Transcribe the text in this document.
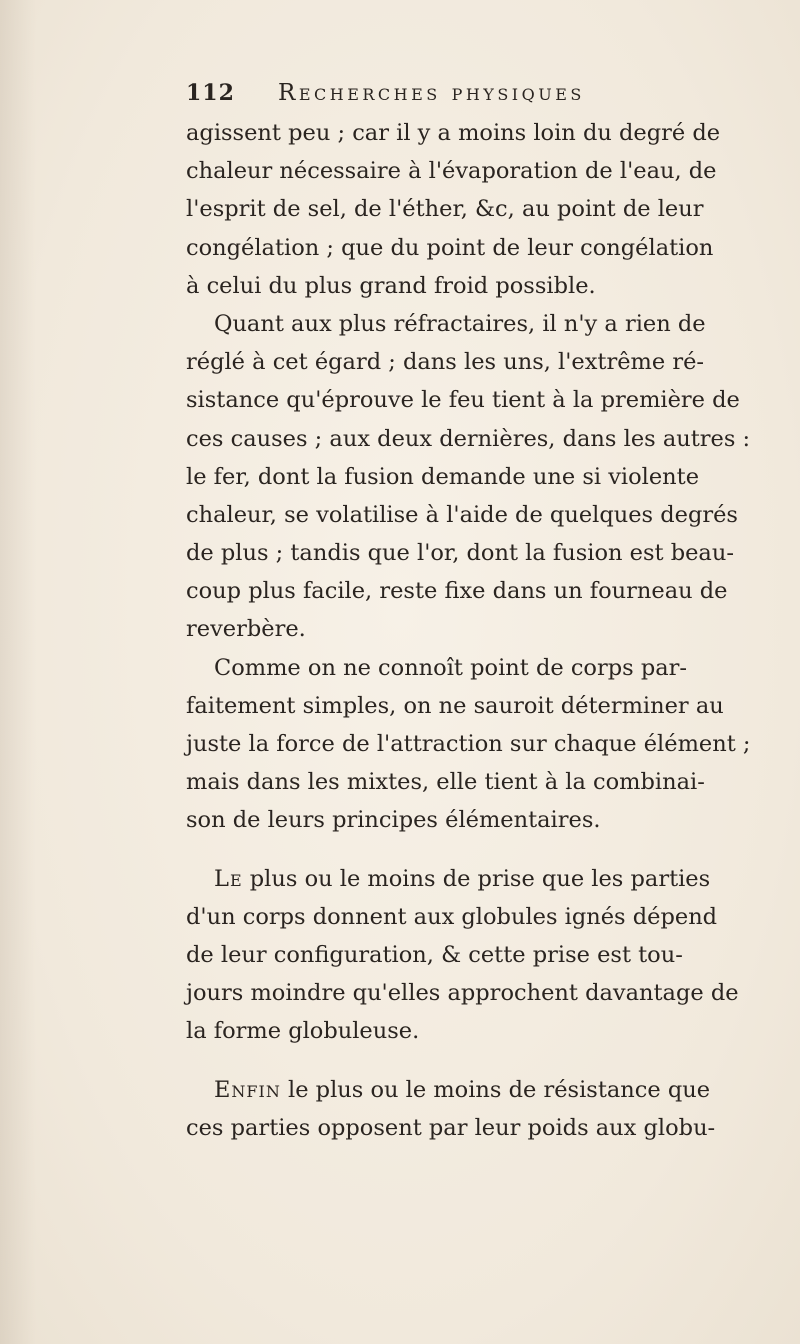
112 Recherches physiques
agissent peu ; car il y a moins loin du degré de
chaleur nécessaire à l'évaporation de l'eau, de
l'esprit de sel, de l'éther, &c, au point de leur
congélation ; que du point de leur congélation
à celui du plus grand froid possible.
Quant aux plus réfractaires, il n'y a rien de
réglé à cet égard ; dans les uns, l'extrême ré-
sistance qu'éprouve le feu tient à la première de
ces causes ; aux deux dernières, dans les autres :
le fer, dont la fusion demande une si violente
chaleur, se volatilise à l'aide de quelques degrés
de plus ; tandis que l'or, dont la fusion est beau-
coup plus facile, reste fixe dans un fourneau de
reverbère.
Comme on ne connoît point de corps par-
faitement simples, on ne sauroit déterminer au
juste la force de l'attraction sur chaque élément ;
mais dans les mixtes, elle tient à la combinai-
son de leurs principes élémentaires.
Le plus ou le moins de prise que les parties
d'un corps donnent aux globules ignés dépend
de leur configuration, & cette prise est tou-
jours moindre qu'elles approchent davantage de
la forme globuleuse.
Enfin le plus ou le moins de résistance que
ces parties opposent par leur poids aux globu-
